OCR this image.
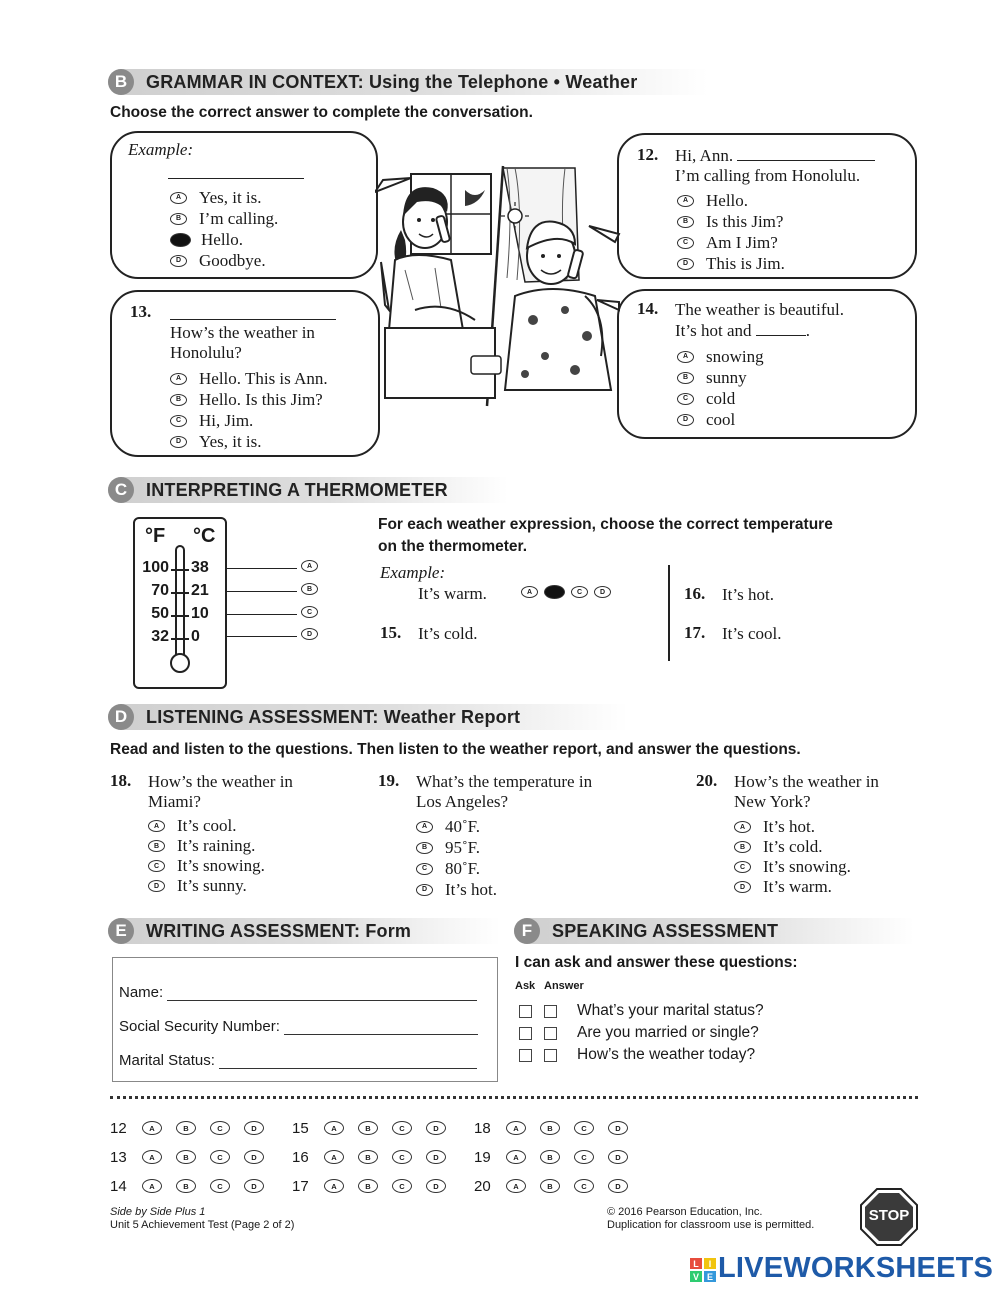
B	GRAMMAR IN CONTEXT: Using the Telephone • Weather
Choose the correct answer to complete the conversation.
Example:
A	Yes, it is.
B	I’m calling.
Hello.
D	Goodbye.
12. Hi, Ann.
I’m calling from Honolulu.
A	Hello.
B	Is this Jim?
C	Am I Jim?
D	This is Jim.
13.
How’s the weather in
Honolulu?
A	Hello. This is Ann.
B	Hello. Is this Jim?
C	Hi, Jim.
D	Yes, it is.
14. The weather is beautiful.
It’s hot and	.
A	snowing
B	sunny
C	cold
D	cool
C	INTERPRETING A THERMOMETER
°F °C
100 38
70 21
50 10
32 0
A
B
C
D
For each weather expression, choose the correct temperature
on the thermometer.
Example:
It’s warm.	A	C	D
15. It’s cold.
16. It’s hot.
17. It’s cool.
D	LISTENING ASSESSMENT: Weather Report
Read and listen to the questions. Then listen to the weather report, and answer the questions.
18. How’s the weather in
Miami?
A	It’s cool.
B	It’s raining.
C	It’s snowing.
D	It’s sunny.
19. What’s the temperature in
Los Angeles?
A	40˚F.
B	95˚F.
C	80˚F.
D	It’s hot.
20. How’s the weather in
New York?
A	It’s hot.
B	It’s cold.
C	It’s snowing.
D	It’s warm.
E	WRITING ASSESSMENT: Form
Name:
Social Security Number:
Marital Status:
F	SPEAKING ASSESSMENT
I can ask and answer these questions:
Ask Answer
What’s your marital status?
Are you married or single?
How’s the weather today?
12	A	B	C	D	15	A	B	C	D	18	A	B	C	D
13	A	B	C	D	16	A	B	C	D	19	A	B	C	D
14	A	B	C	D	17	A	B	C	D	20	A	B	C	D
Side by Side Plus 1
Unit 5 Achievement Test (Page 2 of 2)
© 2016 Pearson Education, Inc.
Duplication for classroom use is permitted.
STOP
L	I
V E LIVEWORKSHEETS
